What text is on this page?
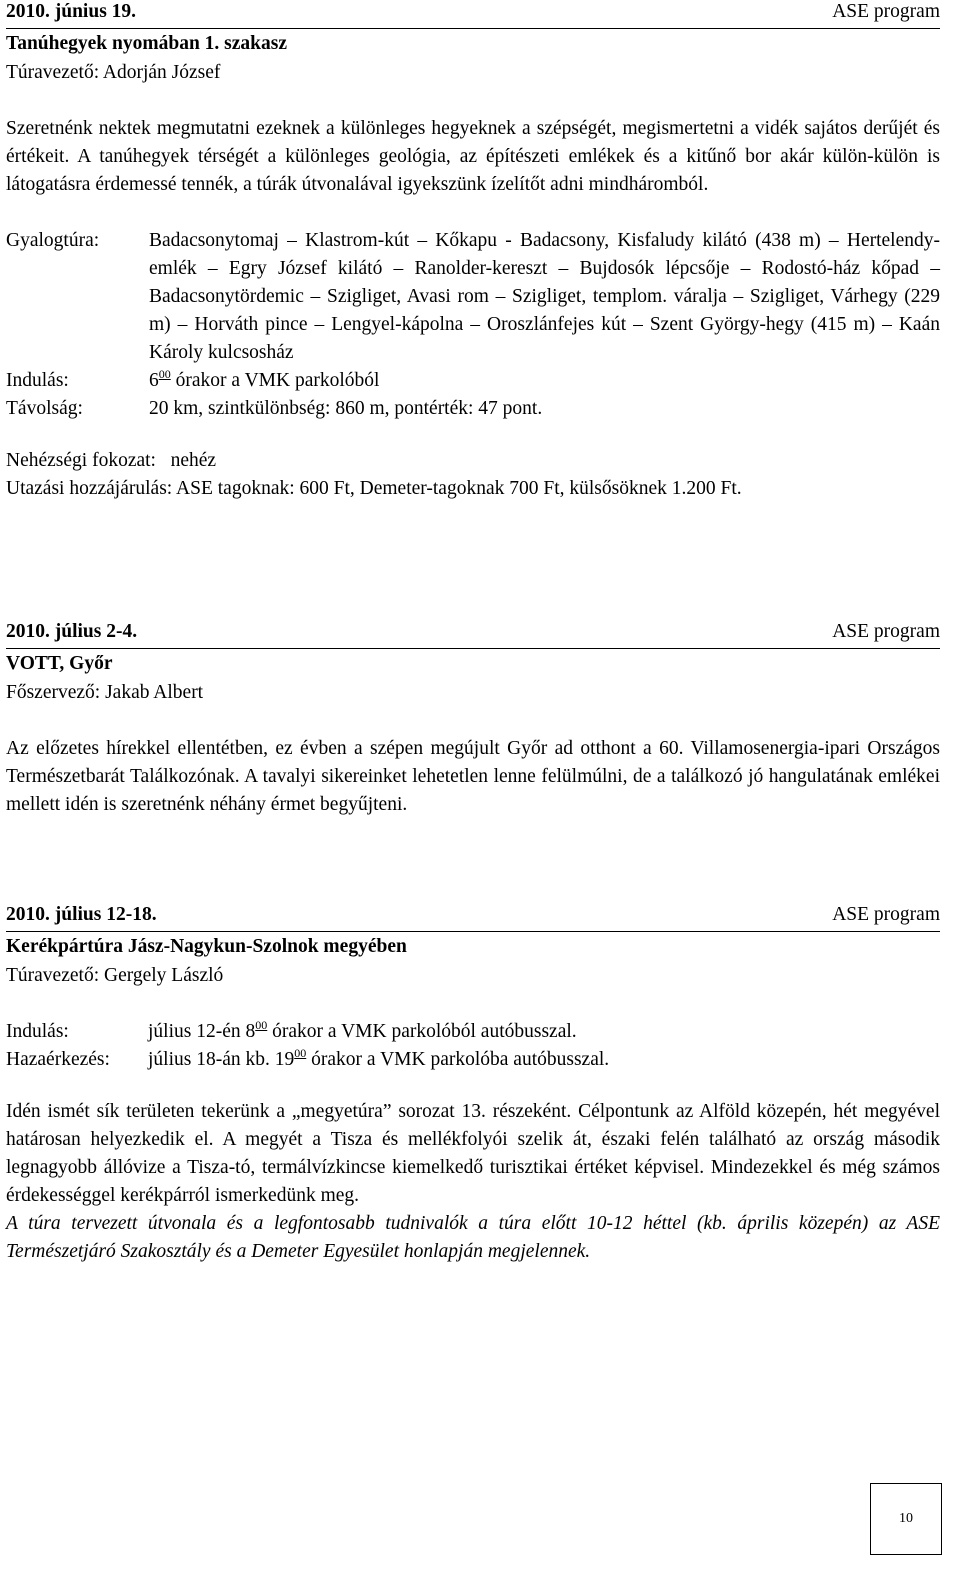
2010. június 19.	ASE program
Tanúhegyek nyomában 1. szakasz
Túravezető: Adorján József

Szeretnénk nektek megmutatni ezeknek a különleges hegyeknek a szépségét, megismertetni a vidék sajátos derűjét és értékeit. A tanúhegyek térségét a különleges geológia, az építészeti emlékek és a kitűnő bor akár külön-külön is látogatásra érdemessé tennék, a túrák útvonalával igyekszünk ízelítőt adni mindháromból.

Gyalogtúra:	Badacsonytomaj – Klastrom-kút – Kőkapu - Badacsony, Kisfaludy kilátó (438 m) – Hertelendy-emlék – Egry József kilátó – Ranolder-kereszt – Bujdosók lépcsője – Rodostó-ház kőpad – Badacsonytördemic – Szigliget, Avasi rom – Szigliget, templom. váralja – Szigliget, Várhegy (229 m) – Horváth pince – Lengyel-kápolna – Oroszlánfejes kút – Szent György-hegy (415 m) – Kaán Károly kulcsosház
Indulás:	$6^{00}$ órakor a VMK parkolóból
Távolság:	20 km, szintkülönbség: 860 m, pontérték: 47 pont.
Nehézségi fokozat: nehéz
Utazási hozzájárulás: ASE tagoknak: 600 Ft, Demeter-tagoknak 700 Ft, külsősöknek 1.200 Ft.
2010. július 2-4.	ASE program
VOTT, Győr
Főszervező: Jakab Albert

Az előzetes hírekkel ellentétben, ez évben a szépen megújult Győr ad otthont a 60. Villamosenergia-ipari Országos Természetbarát Találkozónak. A tavalyi sikereinket lehetetlen lenne felülmúlni, de a találkozó jó hangulatának emlékei mellett idén is szeretnénk néhány érmet begyűjteni.

2010. július 12-18.	ASE program
Kerékpártúra Jász-Nagykun-Szolnok megyében
Túravezető: Gergely László
Indulás:	július 12-én $8^{00}$ órakor a VMK parkolóból autóbusszal.
Hazaérkezés:	július 18-án kb. $19^{00}$ órakor a VMK parkolóba autóbusszal.

Idén ismét sík területen tekerünk a „megyetúra” sorozat 13. részeként. Célpontunk az Alföld közepén, hét megyével határosan helyezkedik el. A megyét a Tisza és mellékfolyói szelik át, északi felén található az ország második legnagyobb állóvize a Tisza-tó, termálvízkincse kiemelkedő turisztikai értéket képvisel. Mindezekkel és még számos érdekességgel kerékpárról ismerkedünk meg.

A túra tervezett útvonala és a legfontosabb tudnivalók a túra előtt 10-12 héttel (kb. április közepén) az ASE Természetjáró Szakosztály és a Demeter Egyesület honlapján megjelennek.

10
